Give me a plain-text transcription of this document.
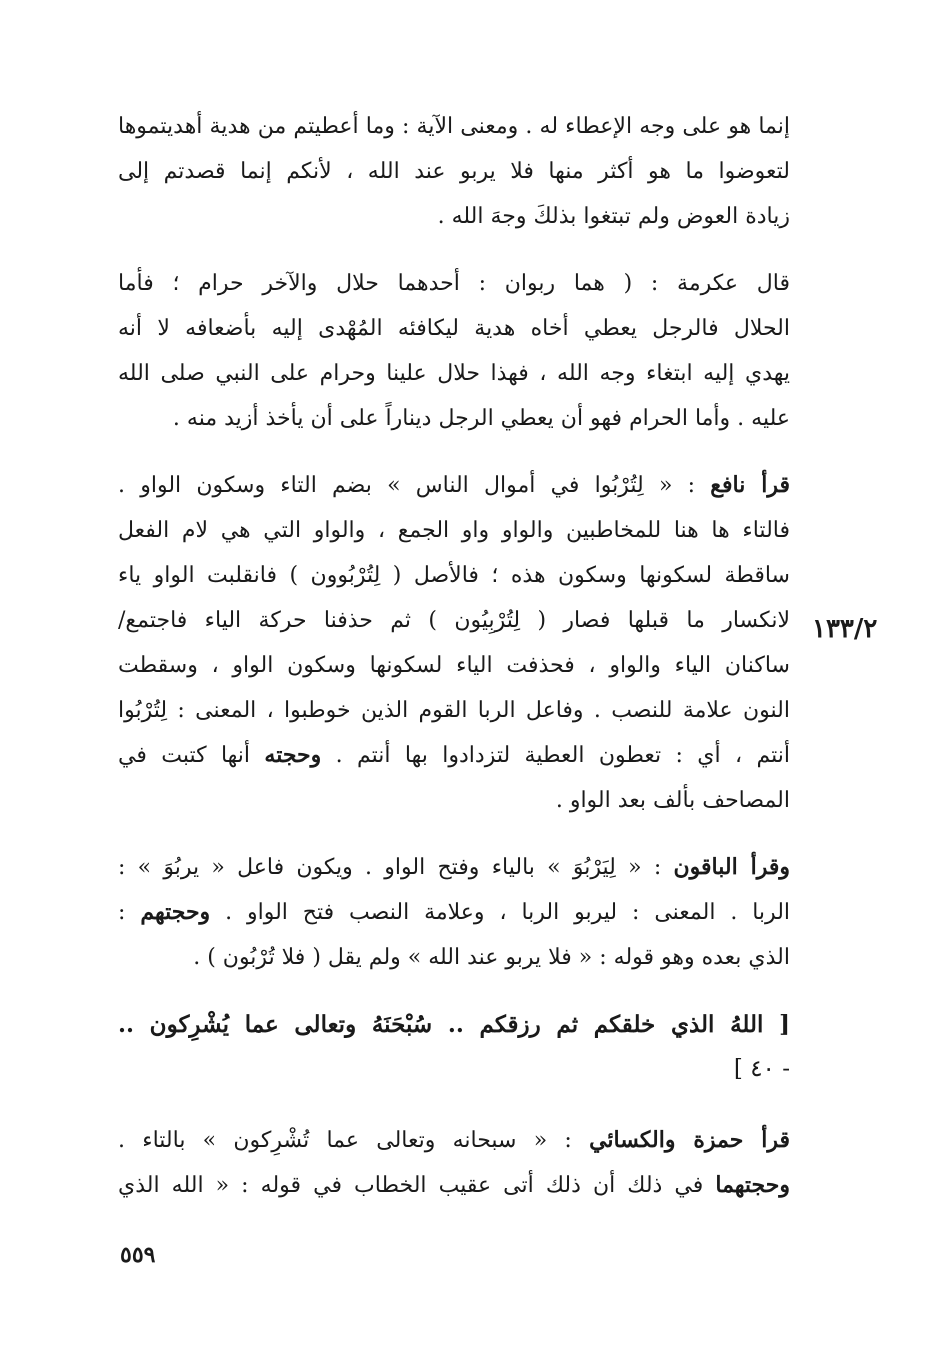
١٣٣/٢

إنما هو على وجه الإعطاء له . ومعنى الآية : وما أعطيتم من هدية أهديتموها
لتعوضوا ما هو أكثر منها فلا يربو عند الله ، لأنكم إنما قصدتم إلى
زيادة العوض ولم تبتغوا بذلكَ وجهَ الله .

قال عكرمة : ( هما ربوان : أحدهما حلال والآخر حرام ؛ فأما
الحلال فالرجل يعطي أخاه هدية ليكافئه المُهْدى إليه بأضعافه لا أنه
يهدي إليه ابتغاء وجه الله ، فهذا حلال علينا وحرام على النبي صلى الله
عليه . وأما الحرام فهو أن يعطي الرجل ديناراً على أن يأخذ أزيد منه .

قرأ نافع : « لِتُرْبُوا في أموال الناس » بضم التاء وسكون الواو .
فالتاء ها هنا للمخاطبين والواو واو الجمع ، والواو التي هي لام الفعل
ساقطة لسكونها وسكون هذه ؛ فالأصل ( لِتُرْبُوون ) فانقلبت الواو ياء
لانكسار ما قبلها فصار ( لِتُرْبِيُون ) ثم حذفنا حركة الياء فاجتمع/
ساكنان الياء والواو ، فحذفت الياء لسكونها وسكون الواو ، وسقطت
النون علامة للنصب . وفاعل الربا القوم الذين خوطبوا ، المعنى : لِتُرْبُوا
أنتم ، أي : تعطون العطية لتزدادوا بها أنتم . وحجته أنها كتبت في
المصاحف بألف بعد الواو .

وقرأ الباقون : « لِيَرْبُوَ » بالياء وفتح الواو . ويكون فاعل « يربُوَ » :
الربا . المعنى : ليربو الربا ، وعلامة النصب فتح الواو . وحجتهم :
الذي بعده وهو قوله : « فلا يربو عند الله » ولم يقل ( فلا تُرْبُون ) .

[ اللهُ الذي خلقكم ثم رزقكم .. سُبْحَنَهُ وتعالى عما يُشْرِكون ..
- ٤٠ ]

قرأ حمزة والكسائي : « سبحانه وتعالى عما تُشْرِكون » بالتاء .
وحجتهما في ذلك أن ذلك أتى عقيب الخطاب في قوله : « الله الذي

٥٥٩
